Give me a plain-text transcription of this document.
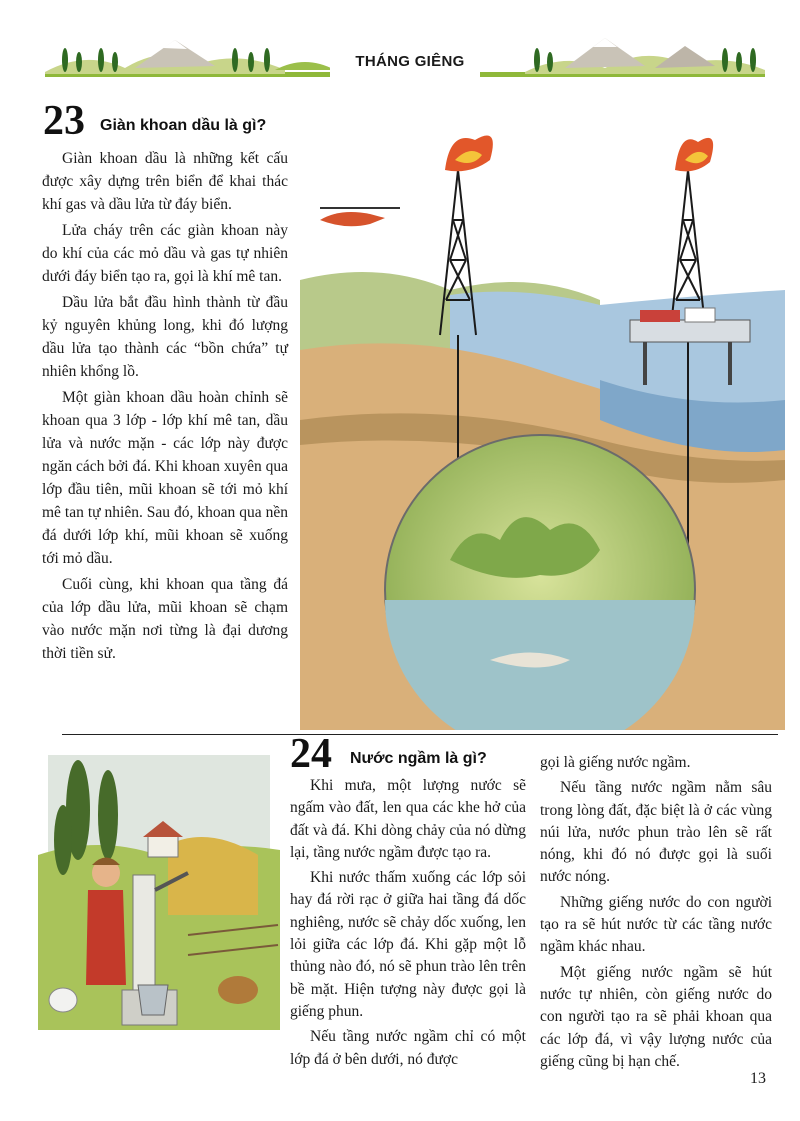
THÁNG GIÊNG
23 Giàn khoan dầu là gì?

Giàn khoan dầu là những kết cấu được xây dựng trên biển để khai thác khí gas và dầu lửa từ đáy biển.

Lửa cháy trên các giàn khoan này do khí của các mỏ dầu và gas tự nhiên dưới đáy biển tạo ra, gọi là khí mê tan.

Dầu lửa bắt đầu hình thành từ đầu kỷ nguyên khủng long, khi đó lượng dầu lửa tạo thành các “bồn chứa” tự nhiên khổng lồ.

Một giàn khoan dầu hoàn chỉnh sẽ khoan qua 3 lớp - lớp khí mê tan, dầu lửa và nước mặn - các lớp này được ngăn cách bởi đá. Khi khoan xuyên qua lớp đầu tiên, mũi khoan sẽ tới mỏ khí mê tan tự nhiên. Sau đó, khoan qua nền đá dưới lớp khí, mũi khoan sẽ xuống tới mỏ dầu.

Cuối cùng, khi khoan qua tầng đá của lớp dầu lửa, mũi khoan sẽ chạm vào nước mặn nơi từng là đại dương thời tiền sử.

24 Nước ngầm là gì?

Khi mưa, một lượng nước sẽ ngấm vào đất, len qua các khe hở của đất và đá. Khi dòng chảy của nó dừng lại, tầng nước ngầm được tạo ra.

Khi nước thấm xuống các lớp sỏi hay đá rời rạc ở giữa hai tầng đá dốc nghiêng, nước sẽ chảy dốc xuống, len lỏi giữa các lớp đá. Khi gặp một lỗ thủng nào đó, nó sẽ phun trào lên trên bề mặt. Hiện tượng này được gọi là giếng phun.

Nếu tầng nước ngầm chỉ có một lớp đá ở bên dưới, nó được

gọi là giếng nước ngầm.

Nếu tầng nước ngầm nằm sâu trong lòng đất, đặc biệt là ở các vùng núi lửa, nước phun trào lên sẽ rất nóng, khi đó nó được gọi là suối nước nóng.

Những giếng nước do con người tạo ra sẽ hút nước từ các tầng nước ngầm khác nhau.

Một giếng nước ngầm sẽ hút nước tự nhiên, còn giếng nước do con người tạo ra sẽ phải khoan qua các lớp đá, vì vậy lượng nước của giếng cũng bị hạn chế.

13
